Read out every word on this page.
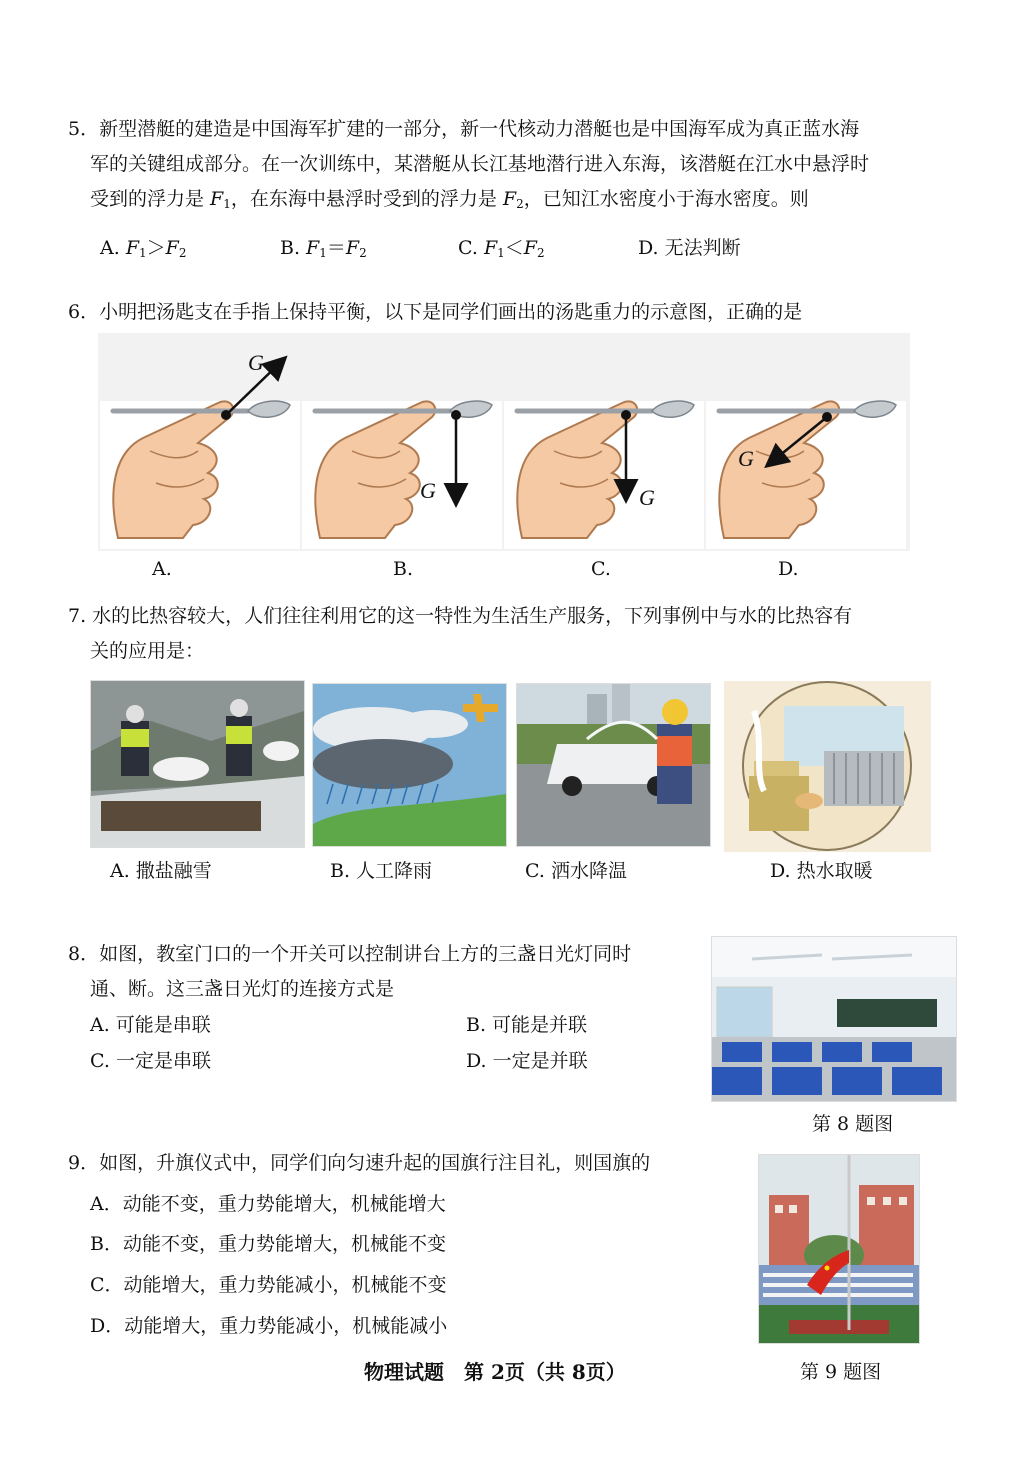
5．新型潜艇的建造是中国海军扩建的一部分，新一代核动力潜艇也是中国海军成为真正蓝水海
军的关键组成部分。在一次训练中，某潜艇从长江基地潜行进入东海，该潜艇在江水中悬浮时
受到的浮力是 $F_1$，在东海中悬浮时受到的浮力是 $F_2$，已知江水密度小于海水密度。则
A. $F_1>F_2$	B. $F_1=F_2$	C. $F_1<F_2$	D. 无法判断
6．小明把汤匙支在手指上保持平衡，以下是同学们画出的汤匙重力的示意图，正确的是
G
G	G
G
A.	B.	C.	D.
7. 水的比热容较大，人们往往利用它的这一特性为生活生产服务，下列事例中与水的比热容有
关的应用是：
A. 撒盐融雪	B. 人工降雨	C. 洒水降温	D. 热水取暖
8．如图，教室门口的一个开关可以控制讲台上方的三盏日光灯同时
通、断。这三盏日光灯的连接方式是
A. 可能是串联	B. 可能是并联
C. 一定是串联	D. 一定是并联
第 8 题图
9．如图，升旗仪式中，同学们向匀速升起的国旗行注目礼，则国旗的
A．动能不变，重力势能增大，机械能增大
B．动能不变，重力势能增大，机械能不变
C．动能增大，重力势能减小，机械能不变
D．动能增大，重力势能减小，机械能减小
第 9 题图
物理试题　第 2页（共 8页）
